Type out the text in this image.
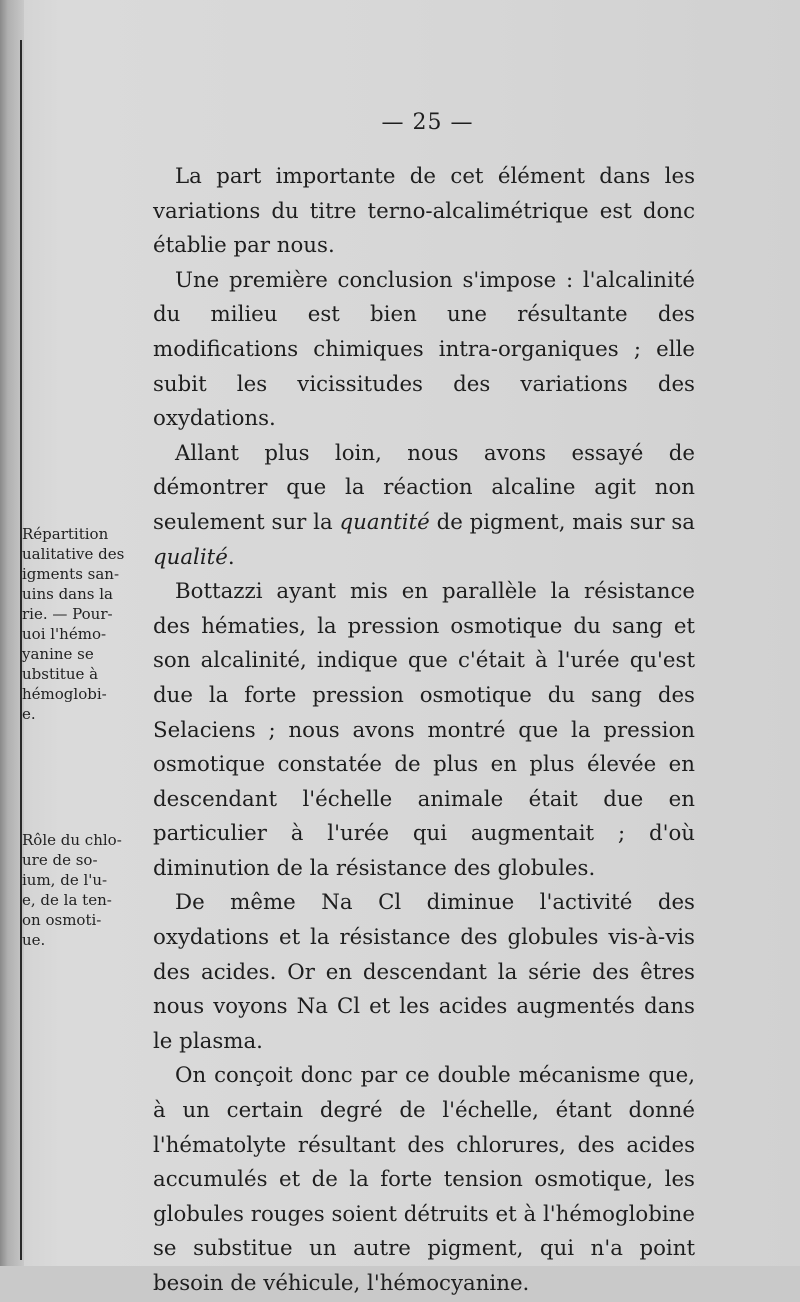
— 25 —
Répartition
ualitative des
igments san-
uins dans la
rie. — Pour-
uoi l'hémo-
yanine se
ubstitue à
hémoglobi-
e.
Rôle du chlo-
ure de so-
ium, de l'u-
e, de la ten-
on osmoti-
ue.

La part importante de cet élément dans les variations du titre terno-alcalimétrique est donc établie par nous.

Une première conclusion s'impose : l'alcalinité du milieu est bien une résultante des modifications chimiques intra-organiques ; elle subit les vicissitudes des variations des oxydations.

Allant plus loin, nous avons essayé de démontrer que la réaction alcaline agit non seulement sur la quantité de pigment, mais sur sa qualité.

Bottazzi ayant mis en parallèle la résistance des hématies, la pression osmotique du sang et son alcalinité, indique que c'était à l'urée qu'est due la forte pression osmotique du sang des Selaciens ; nous avons montré que la pression osmotique constatée de plus en plus élevée en descendant l'échelle animale était due en particulier à l'urée qui augmentait ; d'où diminution de la résistance des globules.

De même Na Cl diminue l'activité des oxydations et la résistance des globules vis-à-vis des acides. Or en descendant la série des êtres nous voyons Na Cl et les acides augmentés dans le plasma.

On conçoit donc par ce double mécanisme que, à un certain degré de l'échelle, étant donné l'hématolyte résultant des chlorures, des acides accumulés et de la forte tension osmotique, les globules rouges soient détruits et à l'hémoglobine se substitue un autre pigment, qui n'a point besoin de véhicule, l'hémocyanine.
